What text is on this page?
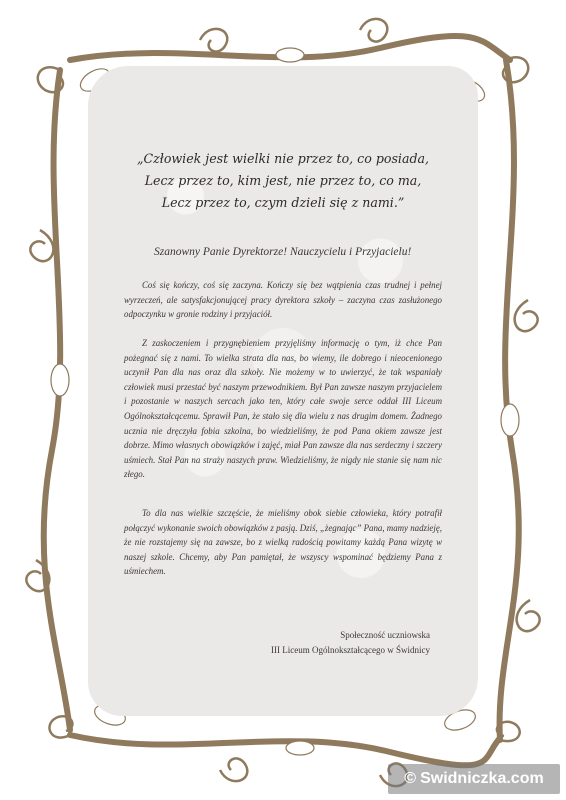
„Człowiek jest wielki nie przez to, co posiada,
Lecz przez to, kim jest, nie przez to, co ma,
Lecz przez to, czym dzieli się z nami.”
Szanowny Panie Dyrektorze! Nauczycielu i Przyjacielu!

Coś się kończy, coś się zaczyna. Kończy się bez wątpienia czas trudnej i pełnej wyrzeczeń, ale satysfakcjonującej pracy dyrektora szkoły – zaczyna czas zasłużonego odpoczynku w gronie rodziny i przyjaciół.

Z zaskoczeniem i przygnębieniem przyjęliśmy informację o tym, iż chce Pan pożegnać się z nami. To wielka strata dla nas, bo wiemy, ile dobrego i nieocenionego uczynił Pan dla nas oraz dla szkoły. Nie możemy w to uwierzyć, że tak wspaniały człowiek musi przestać być naszym przewodnikiem. Był Pan zawsze naszym przyjacielem i pozostanie w naszych sercach jako ten, który całe swoje serce oddał III Liceum Ogólnokształcącemu. Sprawił Pan, że stało się dla wielu z nas drugim domem. Żadnego ucznia nie dręczyła fobia szkolna, bo wiedzieliśmy, że pod Pana okiem zawsze jest dobrze. Mimo własnych obowiązków i zajęć, miał Pan zawsze dla nas serdeczny i szczery uśmiech. Stał Pan na straży naszych praw. Wiedzieliśmy, że nigdy nie stanie się nam nic złego.

To dla nas wielkie szczęście, że mieliśmy obok siebie człowieka, który potrafił połączyć wykonanie swoich obowiązków z pasją. Dziś, „żegnając” Pana, mamy nadzieję, że nie rozstajemy się na zawsze, bo z wielką radością powitamy każdą Pana wizytę w naszej szkole. Chcemy, aby Pan pamiętał, że wszyscy wspominać będziemy Pana z uśmiechem.

Społeczność uczniowska
III Liceum Ogólnokształcącego w Świdnicy
© Swidniczka.com
